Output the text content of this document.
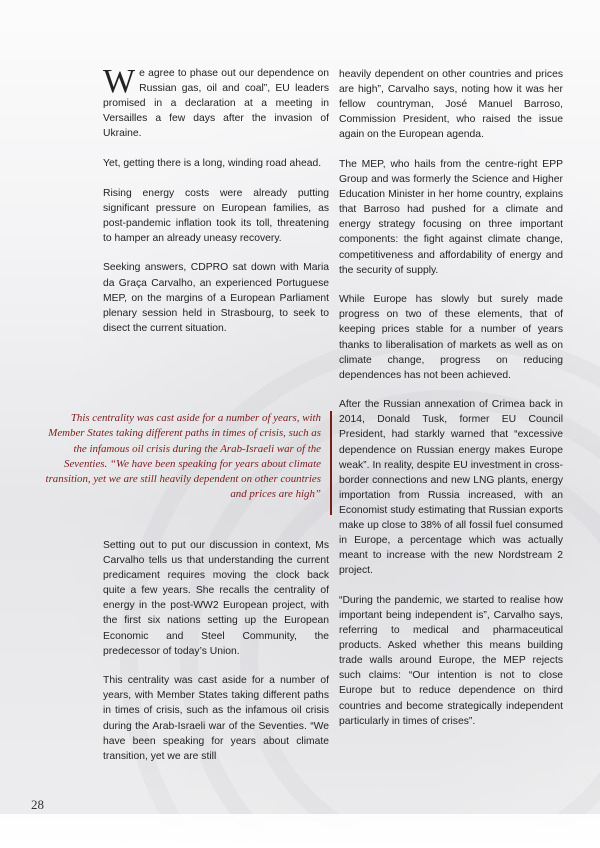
We agree to phase out our dependence on Russian gas, oil and coal”, EU leaders promised in a declaration at a meeting in Versailles a few days after the invasion of Ukraine.

Yet, getting there is a long, winding road ahead.

Rising energy costs were already putting significant pressure on European families, as post-pandemic inflation took its toll, threatening to hamper an already uneasy recovery.

Seeking answers, CDPRO sat down with Maria da Graça Carvalho, an experienced Portuguese MEP, on the margins of a European Parliament plenary session held in Strasbourg, to seek to disect the current situation.

This centrality was cast aside for a number of years, with Member States taking different paths in times of crisis, such as the infamous oil crisis during the Arab-Israeli war of the Seventies. “We have been speaking for years about climate transition, yet we are still heavily dependent on other countries and prices are high”

Setting out to put our discussion in context, Ms Carvalho tells us that understanding the current predicament requires moving the clock back quite a few years. She recalls the centrality of energy in the post-WW2 European project, with the first six nations setting up the European Economic and Steel Community, the predecessor of today’s Union.

This centrality was cast aside for a number of years, with Member States taking different paths in times of crisis, such as the infamous oil crisis during the Arab-Israeli war of the Seventies. “We have been speaking for years about climate transition, yet we are still

heavily dependent on other countries and prices are high”, Carvalho says, noting how it was her fellow countryman, José Manuel Barroso, Commission President, who raised the issue again on the European agenda.

The MEP, who hails from the centre-right EPP Group and was formerly the Science and Higher Education Minister in her home country, explains that Barroso had pushed for a climate and energy strategy focusing on three important components: the fight against climate change, competitiveness and affordability of energy and the security of supply.

While Europe has slowly but surely made progress on two of these elements, that of keeping prices stable for a number of years thanks to liberalisation of markets as well as on climate change, progress on reducing dependences has not been achieved.

After the Russian annexation of Crimea back in 2014, Donald Tusk, former EU Council President, had starkly warned that “excessive dependence on Russian energy makes Europe weak”. In reality, despite EU investment in cross-border connections and new LNG plants, energy importation from Russia increased, with an Economist study estimating that Russian exports make up close to 38% of all fossil fuel consumed in Europe, a percentage which was actually meant to increase with the new Nordstream 2 project.

“During the pandemic, we started to realise how important being independent is”, Carvalho says, referring to medical and pharmaceutical products. Asked whether this means building trade walls around Europe, the MEP rejects such claims: “Our intention is not to close Europe but to reduce dependence on third countries and become strategically independent particularly in times of crises”.

28
